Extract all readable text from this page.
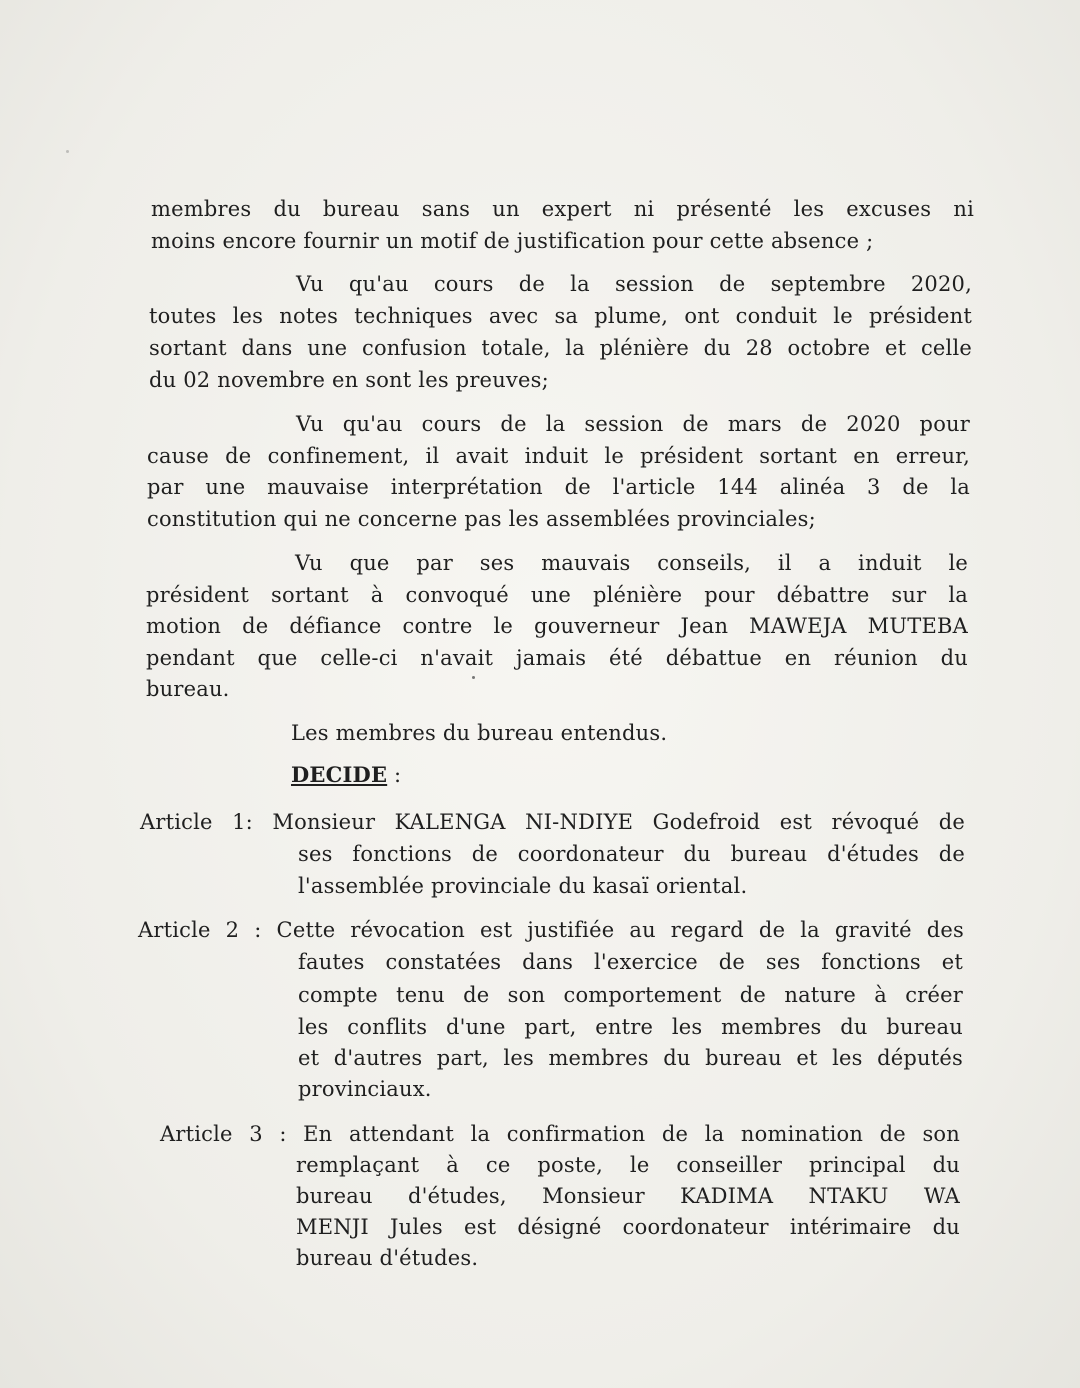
membres du bureau sans un expert ni présenté les excuses ni
moins encore fournir un motif de justification pour cette absence ;
Vu qu'au cours de la session de septembre 2020,
toutes les notes techniques avec sa plume, ont conduit le président
sortant dans une confusion totale, la plénière du 28 octobre et celle
du 02 novembre en sont les preuves;
Vu qu'au cours de la session de mars de 2020 pour
cause de confinement, il avait induit le président sortant en erreur,
par une mauvaise interprétation de l'article 144 alinéa 3 de la
constitution qui ne concerne pas les assemblées provinciales;
Vu que par ses mauvais conseils, il a induit le
président sortant à convoqué une plénière pour débattre sur la
motion de défiance contre le gouverneur Jean MAWEJA MUTEBA
pendant que celle-ci n'avait jamais été débattue en réunion du
bureau.
Les membres du bureau entendus.
DECIDE :
Article 1: Monsieur KALENGA NI-NDIYE Godefroid est révoqué de
ses fonctions de coordonateur du bureau d'études de
l'assemblée provinciale du kasaï oriental.
Article 2 : Cette révocation est justifiée au regard de la gravité des
fautes constatées dans l'exercice de ses fonctions et
compte tenu de son comportement de nature à créer
les conflits d'une part, entre les membres du bureau
et d'autres part, les membres du bureau et les députés
provinciaux.
Article 3 : En attendant la confirmation de la nomination de son
remplaçant à ce poste, le conseiller principal du
bureau d'études, Monsieur KADIMA NTAKU WA
MENJI Jules est désigné coordonateur intérimaire du
bureau d'études.
